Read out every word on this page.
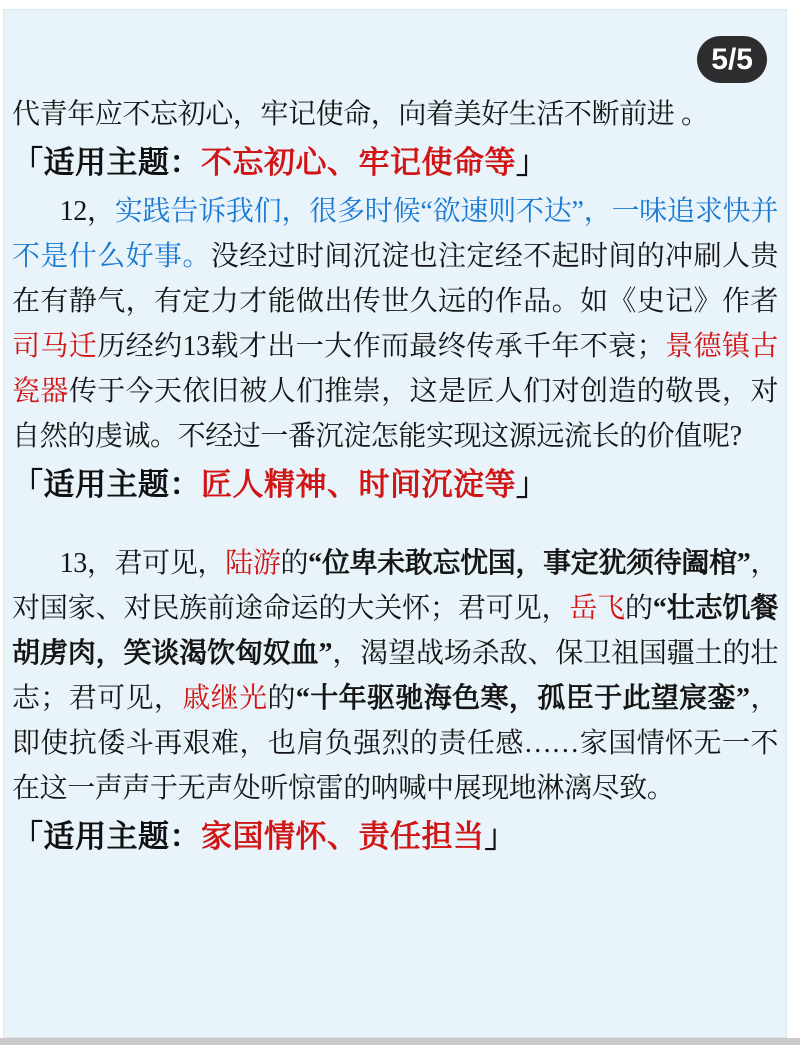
5/5

代青年应不忘初心，牢记使命，向着美好生活不断前进 。

「适用主题：不忘初心、牢记使命等」

12，实践告诉我们，很多时候“欲速则不达”，一味追求快并不是什么好事。没经过时间沉淀也注定经不起时间的冲刷人贵在有静气，有定力才能做出传世久远的作品。如《史记》作者司马迁历经约13载才出一大作而最终传承千年不衰；景德镇古瓷器传于今天依旧被人们推崇，这是匠人们对创造的敬畏，对自然的虔诚。不经过一番沉淀怎能实现这源远流长的价值呢?

「适用主题：匠人精神、时间沉淀等」

13，君可见，陆游的“位卑未敢忘忧国，事定犹须待阖棺”，对国家、对民族前途命运的大关怀；君可见，岳飞的“壮志饥餐胡虏肉，笑谈渴饮匈奴血”，渴望战场杀敌、保卫祖国疆土的壮志；君可见，戚继光的“十年驱驰海色寒，孤臣于此望宸銮”，即使抗倭斗再艰难，也肩负强烈的责任感……家国情怀无一不在这一声声于无声处听惊雷的呐喊中展现地淋漓尽致。

「适用主题：家国情怀、责任担当」
